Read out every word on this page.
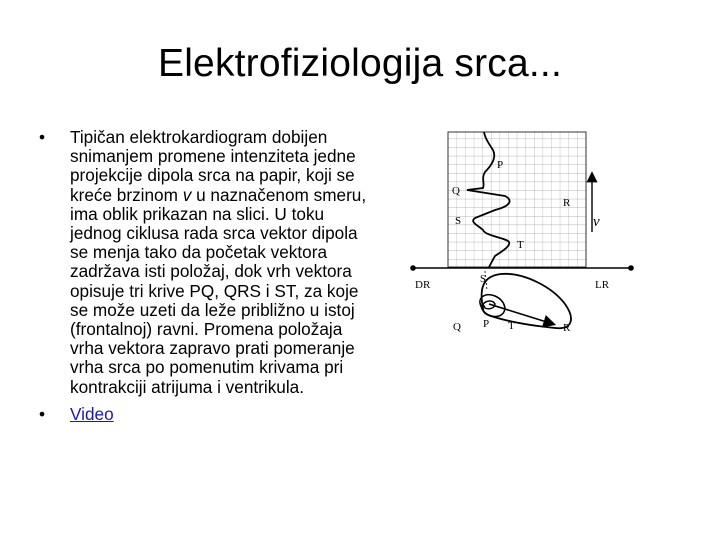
Elektrofiziologija srca...
• Tipičan elektrokardiogram dobijen snimanjem promene intenziteta jedne projekcije dipola srca na papir, koji se kreće brzinom v u naznačenom smeru, ima oblik prikazan na slici. U toku jednog ciklusa rada srca vektor dipola se menja tako da početak vektora zadržava isti položaj, dok vrh vektora opisuje tri krive PQ, QRS i ST, za koje se može uzeti da leže približno u istoj (frontalnoj) ravni. Promena položaja vrha vektora zapravo prati pomeranje vrha srca po pomenutim krivama pri kontrakciji atrijuma i ventrikula.
• Video
P
Q
R
S
T
v
DR	LR
S
Q P T	R
